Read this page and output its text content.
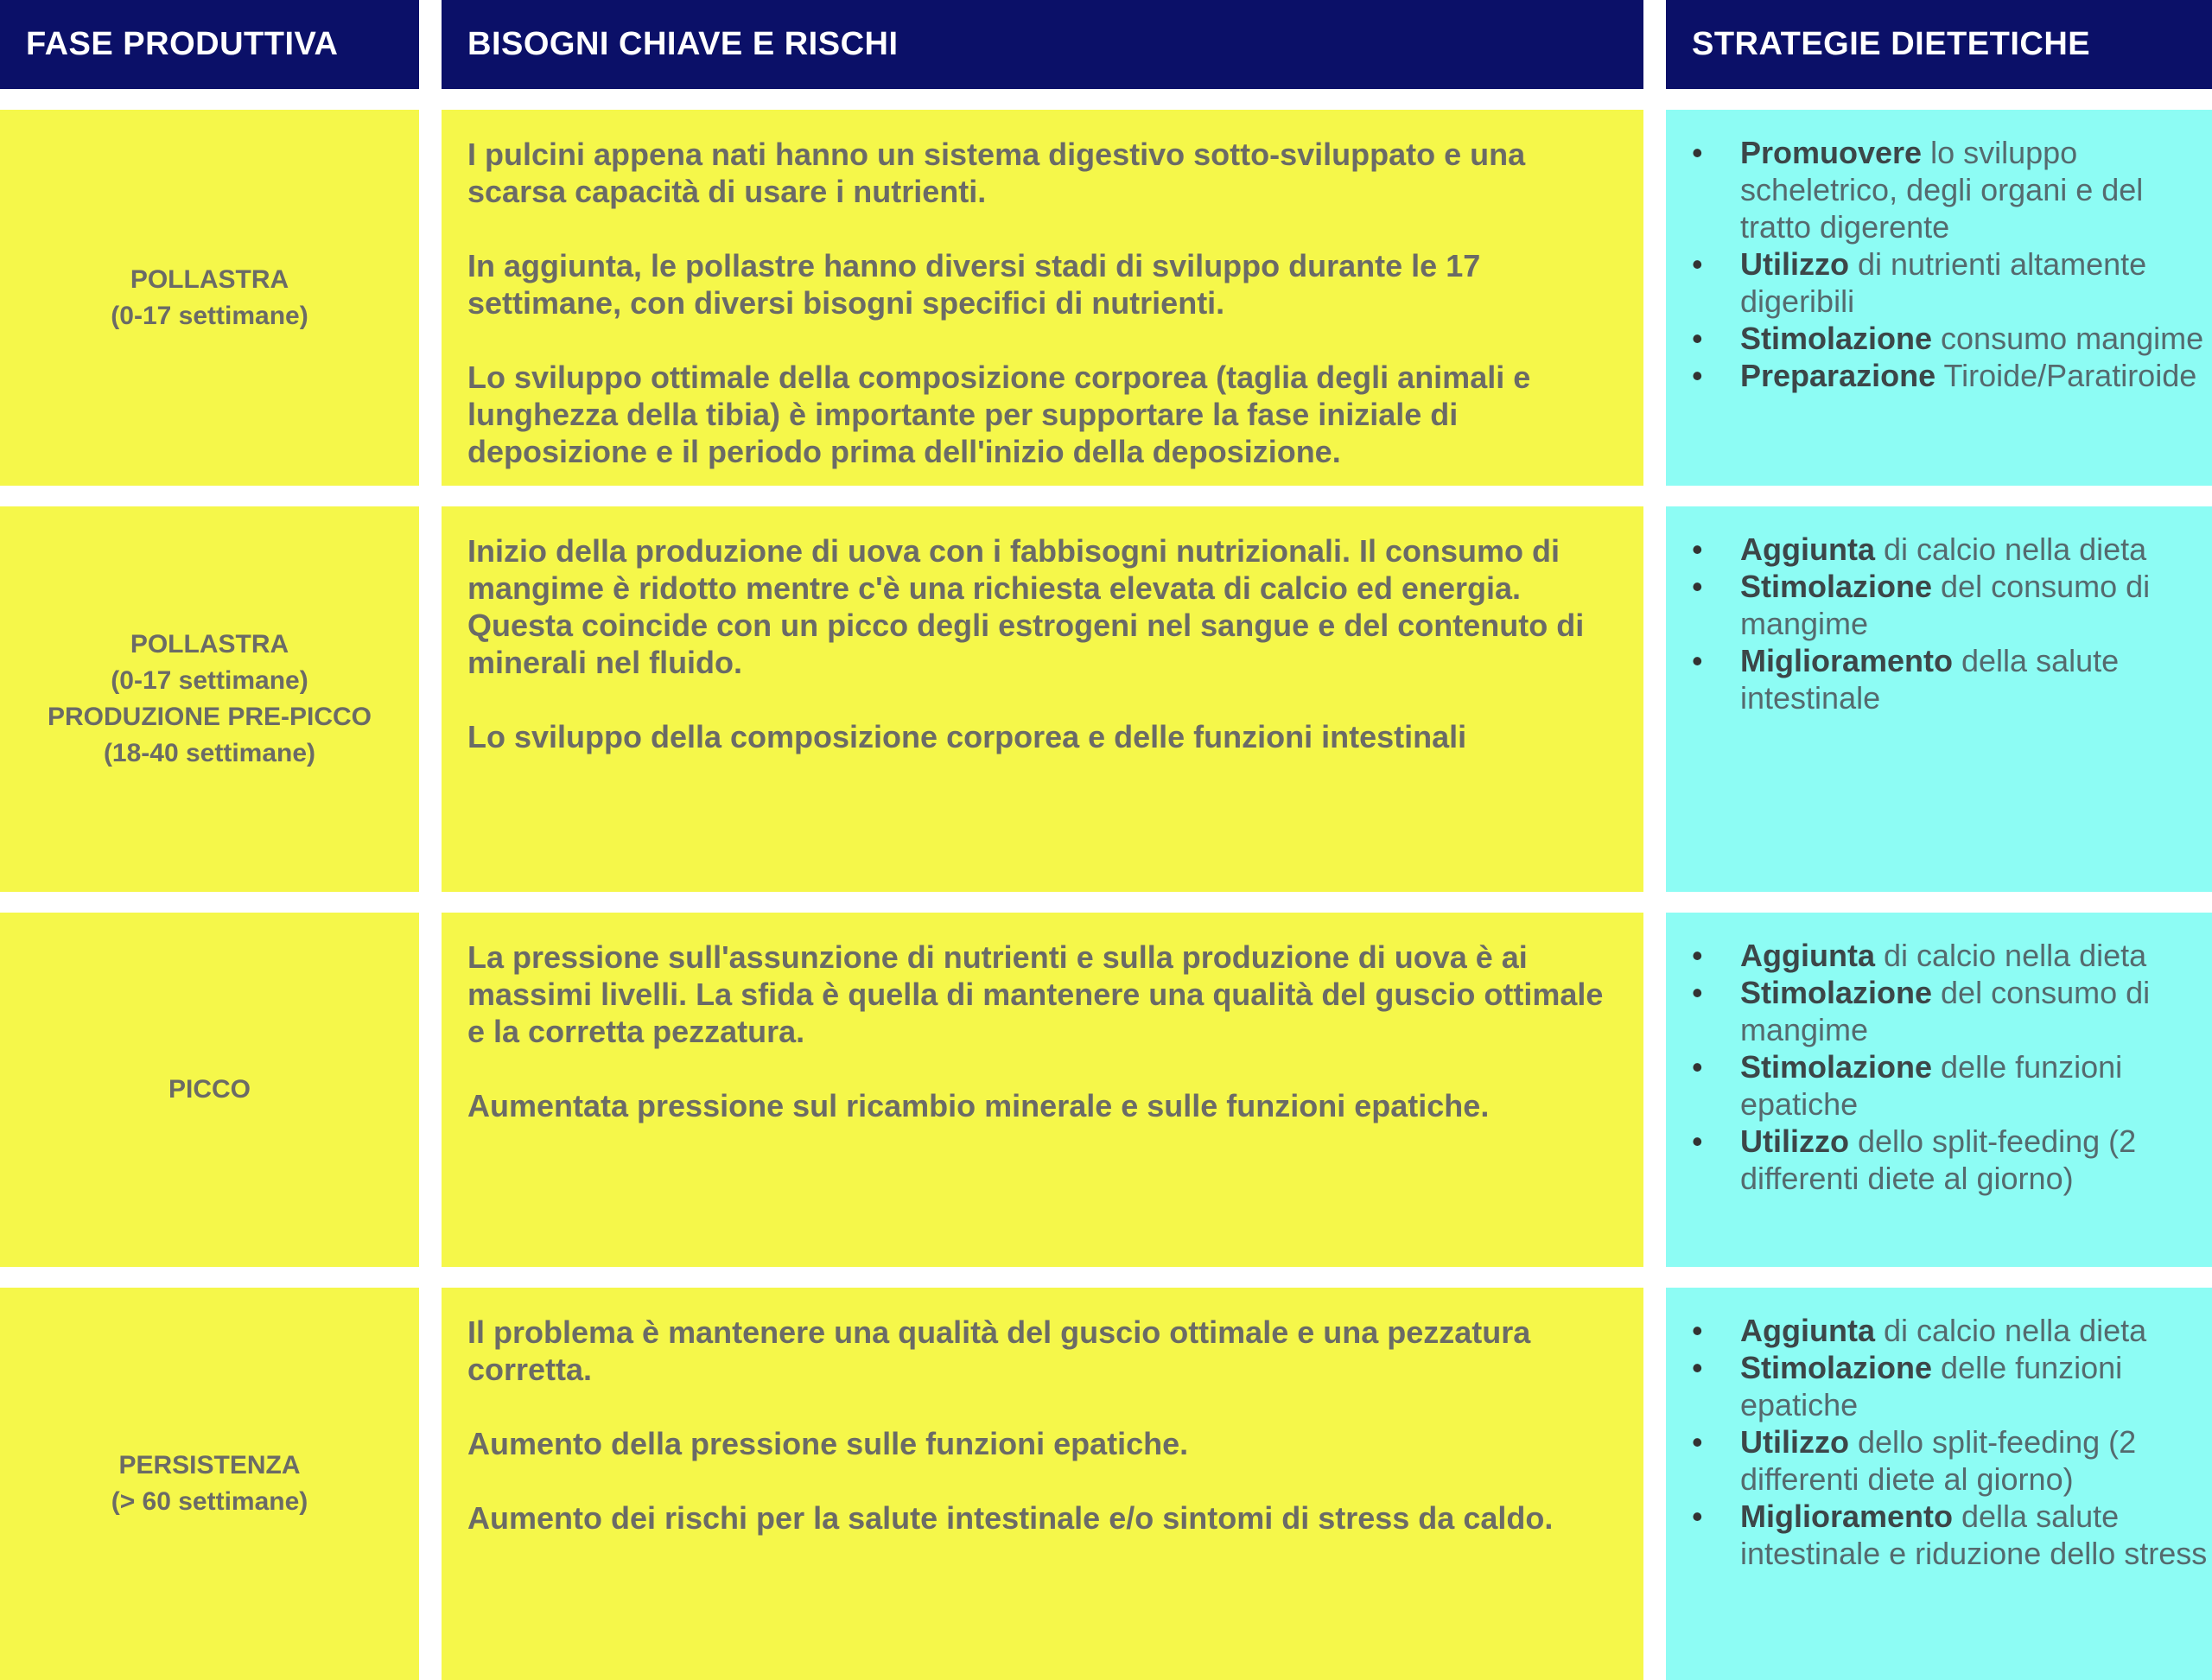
FASE PRODUTTIVA	BISOGNI CHIAVE E RISCHI	STRATEGIE DIETETICHE
POLLASTRA
(0-17 settimane)

I pulcini appena nati hanno un sistema digestivo sotto-sviluppato e una scarsa capacità di usare i nutrienti.

In aggiunta, le pollastre hanno diversi stadi di sviluppo durante le 17 settimane, con diversi bisogni specifici di nutrienti.

Lo sviluppo ottimale della composizione corporea (taglia degli animali e lunghezza della tibia) è importante per supportare la fase iniziale di deposizione e il periodo prima dell'inizio della deposizione.

• Promuovere lo sviluppo scheletrico, degli organi e del tratto digerente
• Utilizzo di nutrienti altamente digeribili
• Stimolazione consumo mangime
• Preparazione Tiroide/Paratiroide
POLLASTRA
(0-17 settimane)
PRODUZIONE PRE-PICCO
(18-40 settimane)

Inizio della produzione di uova con i fabbisogni nutrizionali. Il consumo di mangime è ridotto mentre c'è una richiesta elevata di calcio ed energia. Questa coincide con un picco degli estrogeni nel sangue e del contenuto di minerali nel fluido.

Lo sviluppo della composizione corporea e delle funzioni intestinali

• Aggiunta di calcio nella dieta
• Stimolazione del consumo di mangime
• Miglioramento della salute intestinale
PICCO

La pressione sull'assunzione di nutrienti e sulla produzione di uova è ai massimi livelli. La sfida è quella di mantenere una qualità del guscio ottimale e la corretta pezzatura.

Aumentata pressione sul ricambio minerale e sulle funzioni epatiche.

• Aggiunta di calcio nella dieta
• Stimolazione del consumo di mangime
• Stimolazione delle funzioni epatiche
• Utilizzo dello split-feeding (2 differenti diete al giorno)
PERSISTENZA
(> 60 settimane)

Il problema è mantenere una qualità del guscio ottimale e una pezzatura corretta.

Aumento della pressione sulle funzioni epatiche.

Aumento dei rischi per la salute intestinale e/o sintomi di stress da caldo.

• Aggiunta di calcio nella dieta
• Stimolazione delle funzioni epatiche
• Utilizzo dello split-feeding (2 differenti diete al giorno)
• Miglioramento della salute intestinale e riduzione dello stress
